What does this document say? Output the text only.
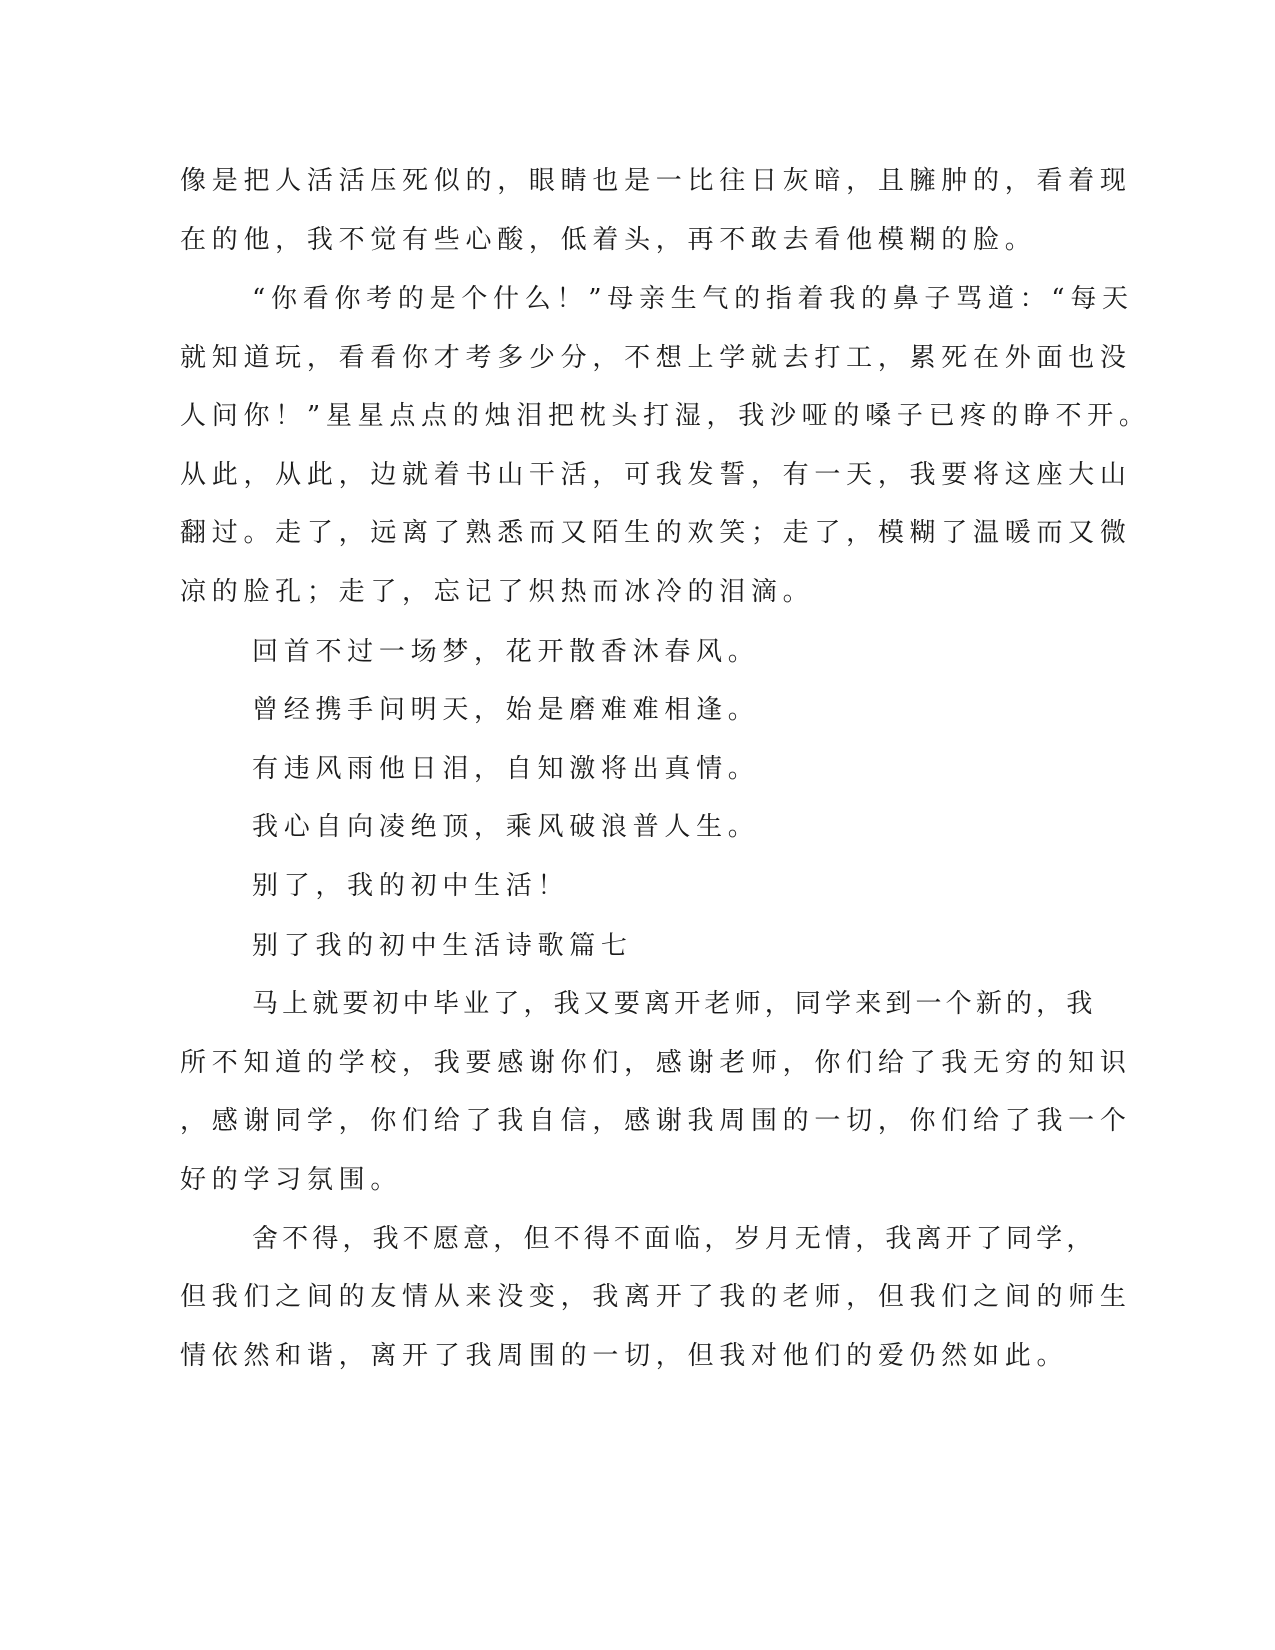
像是把人活活压死似的，眼睛也是一比往日灰暗，且臃肿的，看着现
在的他，我不觉有些心酸，低着头，再不敢去看他模糊的脸。
“你看你考的是个什么！”母亲生气的指着我的鼻子骂道：“每天
就知道玩，看看你才考多少分，不想上学就去打工，累死在外面也没
人问你！”星星点点的烛泪把枕头打湿，我沙哑的嗓子已疼的睁不开。
从此，从此，边就着书山干活，可我发誓，有一天，我要将这座大山
翻过。走了，远离了熟悉而又陌生的欢笑；走了，模糊了温暖而又微
凉的脸孔；走了，忘记了炽热而冰冷的泪滴。
回首不过一场梦，花开散香沐春风。
曾经携手问明天，始是磨难难相逢。
有违风雨他日泪，自知激将出真情。
我心自向凌绝顶，乘风破浪普人生。
别了，我的初中生活！
别了我的初中生活诗歌篇七
马上就要初中毕业了，我又要离开老师，同学来到一个新的，我
所不知道的学校，我要感谢你们，感谢老师，你们给了我无穷的知识
，感谢同学，你们给了我自信，感谢我周围的一切，你们给了我一个
好的学习氛围。
舍不得，我不愿意，但不得不面临，岁月无情，我离开了同学，
但我们之间的友情从来没变，我离开了我的老师，但我们之间的师生
情依然和谐，离开了我周围的一切，但我对他们的爱仍然如此。
